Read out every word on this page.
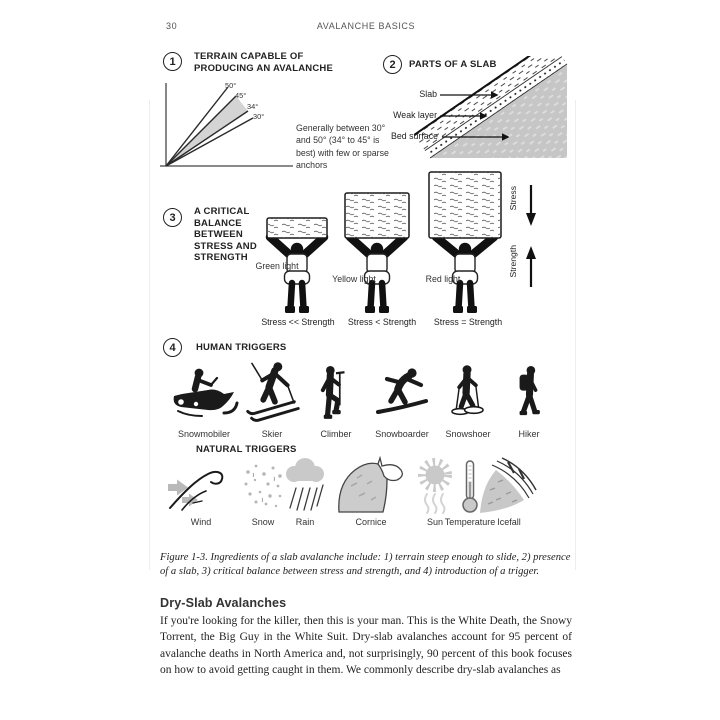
30	AVALANCHE BASICS
1	TERRAIN CAPABLE OF PRODUCING AN AVALANCHE
50°
45°
34°
30°
Generally between 30° and 50° (34° to 45° is best) with few or sparse anchors
2	PARTS OF A SLAB
Slab
Weak layer
Bed surface
3	A CRITICAL BALANCE BETWEEN STRESS AND STRENGTH
Green light
Yellow light	Red light
Stress << Strength	Stress < Strength	Stress = Strength
Stress
Strength
4	HUMAN TRIGGERS
Snowmobiler	Skier	Climber	Snowboarder Snowshoer	Hiker
NATURAL TRIGGERS
Wind	Snow Rain	Cornice	Sun Temperature Icefall
Figure 1-3. Ingredients of a slab avalanche include: 1) terrain steep enough to slide, 2) presence of a slab, 3) critical balance between stress and strength, and 4) introduction of a trigger.
Dry-Slab Avalanches
If you're looking for the killer, then this is your man. This is the White Death, the Snowy Torrent, the Big Guy in the White Suit. Dry-slab avalanches account for 95 percent of avalanche deaths in North America and, not surprisingly, 90 percent of this book focuses on how to avoid getting caught in them. We commonly describe dry-slab avalanches as
